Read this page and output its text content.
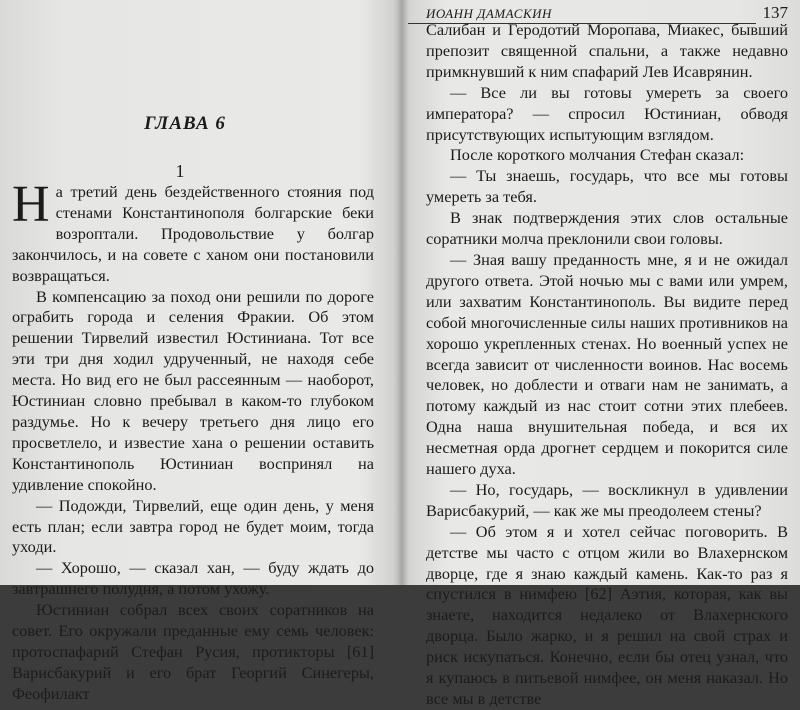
ГЛАВА 6
1

На третий день бездейственного стояния под стенами Константинополя болгарские беки возроптали. Продовольствие у болгар закончилось, и на совете с ханом они постановили возвращаться.

В компенсацию за поход они решили по дороге ограбить города и селения Фракии. Об этом решении Тирвелий известил Юстиниана. Тот все эти три дня ходил удрученный, не находя себе места. Но вид его не был рассеянным — наоборот, Юстиниан словно пребывал в каком-то глубоком раздумье. Но к вечеру третьего дня лицо его просветлело, и известие хана о решении оставить Константинополь Юстиниан воспринял на удивление спокойно.

— Подожди, Тирвелий, еще один день, у меня есть план; если завтра город не будет моим, тогда уходи.

— Хорошо, — сказал хан, — буду ждать до завтрашнего полудня, а потом ухожу.

Юстиниан собрал всех своих соратников на совет. Его окружали преданные ему семь человек: протоспафарий Стефан Русия, протикторы [61] Варисбакурий и его брат Георгий Синегеры, Феофилакт

ИОАНН ДАМАСКИН	137

Салибан и Геродотий Моропава, Миакес, бывший препозит священной спальни, а также недавно примкнувший к ним спафарий Лев Исаврянин.

— Все ли вы готовы умереть за своего императора? — спросил Юстиниан, обводя присутствующих испытующим взглядом.

После короткого молчания Стефан сказал:

— Ты знаешь, государь, что все мы готовы умереть за тебя.

В знак подтверждения этих слов остальные соратники молча преклонили свои головы.

— Зная вашу преданность мне, я и не ожидал другого ответа. Этой ночью мы с вами или умрем, или захватим Константинополь. Вы видите перед собой многочисленные силы наших противников на хорошо укрепленных стенах. Но военный успех не всегда зависит от численности воинов. Нас восемь человек, но доблести и отваги нам не занимать, а потому каждый из нас стоит сотни этих плебеев. Одна наша внушительная победа, и вся их несметная орда дрогнет сердцем и покорится силе нашего духа.

— Но, государь, — воскликнул в удивлении Варисбакурий, — как же мы преодолеем стены?

— Об этом я и хотел сейчас поговорить. В детстве мы часто с отцом жили во Влахернском дворце, где я знаю каждый камень. Как-то раз я спустился в нимфею [62] Аэтия, которая, как вы знаете, находится недалеко от Влахернского дворца. Было жарко, и я решил на свой страх и риск искупаться. Конечно, если бы отец узнал, что я купаюсь в питьевой нимфее, он меня наказал. Но все мы в детстве
